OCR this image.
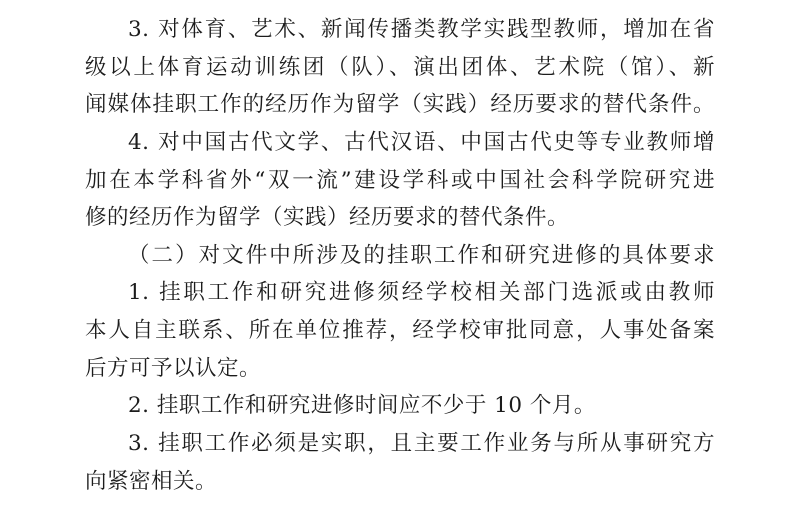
3. 对体育、艺术、新闻传播类教学实践型教师，增加在省
级以上体育运动训练团（队）、演出团体、艺术院（馆）、新
闻媒体挂职工作的经历作为留学（实践）经历要求的替代条件。
4. 对中国古代文学、古代汉语、中国古代史等专业教师增
加在本学科省外“双一流”建设学科或中国社会科学院研究进
修的经历作为留学（实践）经历要求的替代条件。
（二）对文件中所涉及的挂职工作和研究进修的具体要求
1. 挂职工作和研究进修须经学校相关部门选派或由教师
本人自主联系、所在单位推荐，经学校审批同意，人事处备案
后方可予以认定。
2. 挂职工作和研究进修时间应不少于 10 个月。
3. 挂职工作必须是实职，且主要工作业务与所从事研究方
向紧密相关。
